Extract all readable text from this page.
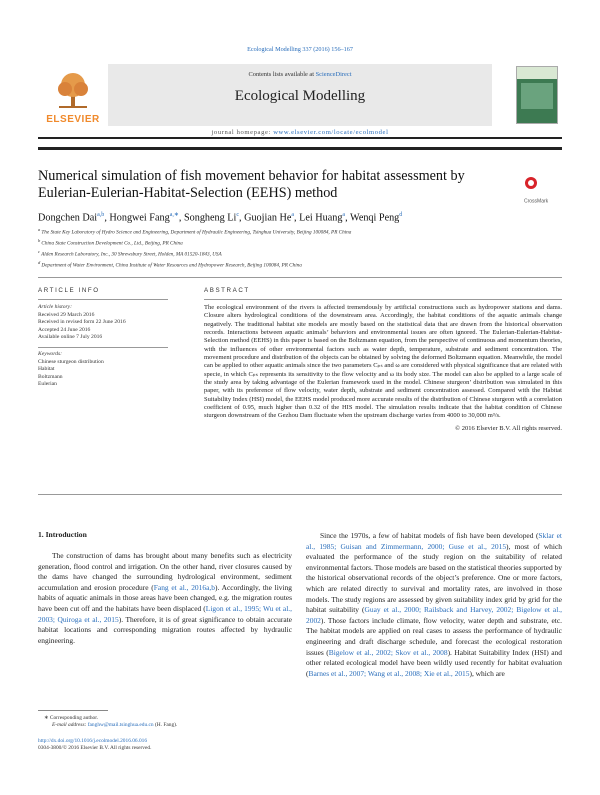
Ecological Modelling 337 (2016) 156–167
ELSEVIER
Contents lists available at ScienceDirect
Ecological Modelling
journal homepage: www.elsevier.com/locate/ecolmodel
Numerical simulation of fish movement behavior for habitat assessment by Eulerian-Eulerian-Habitat-Selection (EEHS) method
CrossMark
Dongchen Dai$^{a,b}$, Hongwei Fang$^{a,∗}$, Songheng Li$^c$, Guojian He$^a$, Lei Huang$^a$, Wenqi Peng$^d$
$^a$ The State Key Laboratory of Hydro Science and Engineering, Department of Hydraulic Engineering, Tsinghua University, Beijing 100084, PR China
$^b$ China State Construction Development Co., Ltd., Beijing, PR China
$^c$ Alden Research Laboratory, Inc., 30 Shrewsbury Street, Holden, MA 01520-1843, USA
$^d$ Department of Water Environment, China Institute of Water Resources and Hydropower Research, Beijing 100084, PR China
ARTICLE INFO
Article history:
Received 29 March 2016
Received in revised form 22 June 2016
Accepted 24 June 2016
Available online 7 July 2016
Keywords:
Chinese sturgeon distribution
Habitat
Boltzmann
Eulerian
ABSTRACT
The ecological environment of the rivers is affected tremendously by artificial constructions such as hydropower stations and dams. Closure alters hydrological conditions of the downstream area. Accordingly, the habitat conditions of the aquatic animals change negatively. The traditional habitat site models are mostly based on the statistical data that are drawn from the historical observation records. Interactions between aquatic animals’ behaviors and environmental issues are often ignored. The Eulerian-Eulerian-Habitat-Selection method (EEHS) in this paper is based on the Boltzmann equation, from the perspective of continuous and momentum theories, with the influences of other environmental factors such as water depth, temperature, substrate and sediment concentration. The movement procedure and distribution of the objects can be obtained by solving the deformed Boltzmann equation. Meanwhile, the model can be applied to other aquatic animals since the two parameters Cₚₛ and ω are considered with physical significance that are related with specie, in which Cₚₛ represents its sensitivity to the flow velocity and ω its body size. The model can also be applied to a large scale of the study area by taking advantage of the Eulerian framework used in the model. Chinese sturgeon’ distribution was simulated in this paper, with its preference of flow velocity, water depth, substrate and sediment concentration assessed. Compared with the Habitat Suitability Index (HSI) model, the EEHS model produced more accurate results of the distribution of Chinese sturgeon with a correlation coefficient of 0.95, much higher than 0.32 of the HIS model. The simulation results indicate that the habitat condition of Chinese sturgeon downstream of the Gezhou Dam fluctuate when the upstream discharge varies from 4000 to 30,000 m³/s.
© 2016 Elsevier B.V. All rights reserved.
1. Introduction
The construction of dams has brought about many benefits such as electricity generation, flood control and irrigation. On the other hand, river closures caused by the dams have changed the surrounding hydrological environment, sediment accumulation and erosion procedure (Fang et al., 2016a,b). Accordingly, the living habits of aquatic animals in those areas have been changed, e.g. the migration routes have been cut off and the habitats have been displaced (Ligon et al., 1995; Wu et al., 2003; Quiroga et al., 2015). Therefore, it is of great significance to obtain accurate habitat locations and corresponding migration routes affected by hydraulic engineering.
Since the 1970s, a few of habitat models of fish have been developed (Sklar et al., 1985; Guisan and Zimmermann, 2000; Guse et al., 2015), most of which evaluated the performance of the study region on the suitability of related environmental factors. Those models are based on the statistical theories supported by the historical observational records of the object’s preference. One or more factors, which are related directly to survival and mortality rates, are involved in those models. The study regions are assessed by given suitability index grid by grid for the habitat suitability (Guay et al., 2000; Railsback and Harvey, 2002; Bigelow et al., 2002). Those factors include climate, flow velocity, water depth and substrate, etc. The habitat models are applied on real cases to assess the performance of hydraulic engineering and draft discharge schedule, and forecast the ecological restoration issues (Bigelow et al., 2002; Skov et al., 2008). Habitat Suitability Index (HSI) and other related ecological model have been wildly used recently for habitat evaluation (Barnes et al., 2007; Wang et al., 2008; Xie et al., 2015), which are
∗ Corresponding author.
E-mail address: fanghw@mail.tsinghua.edu.cn (H. Fang).
http://dx.doi.org/10.1016/j.ecolmodel.2016.06.016
0304-3800/© 2016 Elsevier B.V. All rights reserved.
